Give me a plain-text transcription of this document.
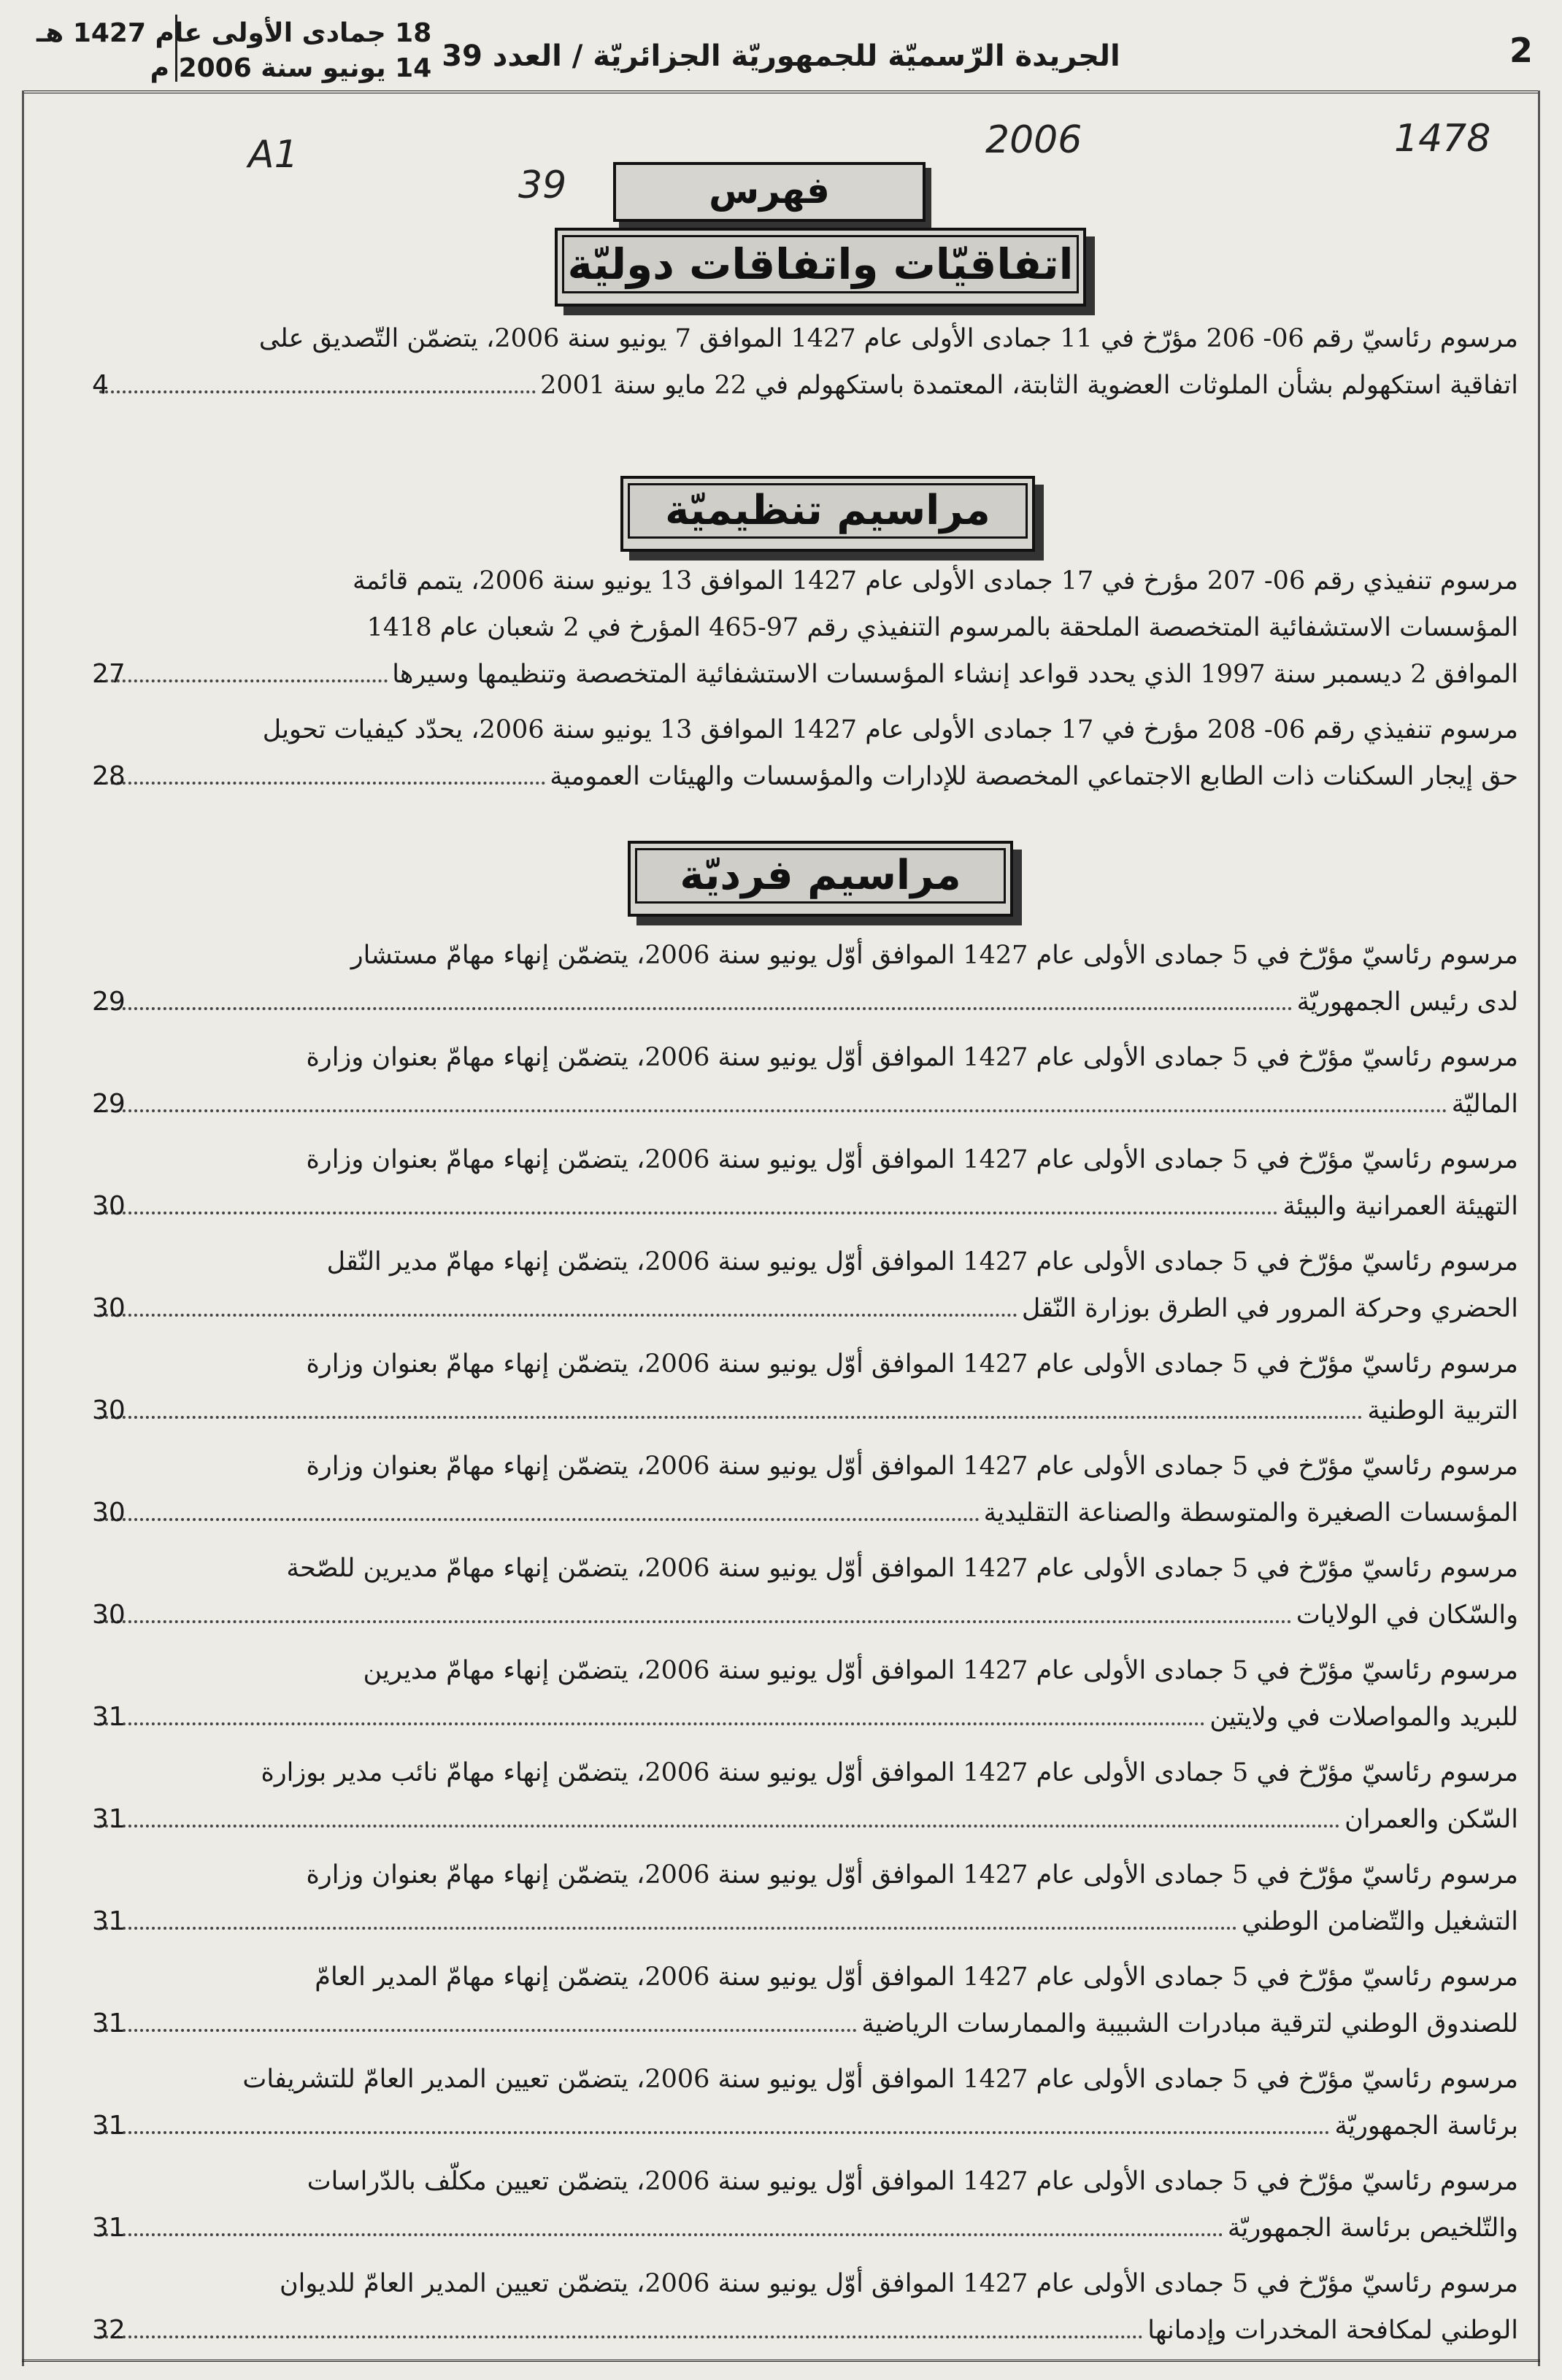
2
الجريدة الرّسميّة للجمهوريّة الجزائريّة / العدد 39
18 جمادى الأولى عام 1427 هـ
14 يونيو سنة 2006 م
A1
39
2006	1478
فهرس
اتفاقيّات واتفاقات دوليّة
مرسوم رئاسيّ رقم 06- 206 مؤرّخ في 11 جمادى الأولى عام 1427 الموافق 7 يونيو سنة 2006، يتضمّن التّصديق على
اتفاقية استكهولم بشأن الملوثات العضوية الثابتة، المعتمدة باستكهولم في 22 مايو سنة 2001
4
مراسيم تنظيميّة
مرسوم تنفيذي رقم 06- 207 مؤرخ في 17 جمادى الأولى عام 1427 الموافق 13 يونيو سنة 2006، يتمم قائمة
المؤسسات الاستشفائية المتخصصة الملحقة بالمرسوم التنفيذي رقم 97-465 المؤرخ في 2 شعبان عام 1418
الموافق 2 ديسمبر سنة 1997 الذي يحدد قواعد إنشاء المؤسسات الاستشفائية المتخصصة وتنظيمها وسيرها
27
مرسوم تنفيذي رقم 06- 208 مؤرخ في 17 جمادى الأولى عام 1427 الموافق 13 يونيو سنة 2006، يحدّد كيفيات تحويل
حق إيجار السكنات ذات الطابع الاجتماعي المخصصة للإدارات والمؤسسات والهيئات العمومية
28
مراسيم فرديّة
مرسوم رئاسيّ مؤرّخ في 5 جمادى الأولى عام 1427 الموافق أوّل يونيو سنة 2006، يتضمّن إنهاء مهامّ مستشار
لدى رئيس الجمهوريّة
29
مرسوم رئاسيّ مؤرّخ في 5 جمادى الأولى عام 1427 الموافق أوّل يونيو سنة 2006، يتضمّن إنهاء مهامّ بعنوان وزارة
الماليّة
29
مرسوم رئاسيّ مؤرّخ في 5 جمادى الأولى عام 1427 الموافق أوّل يونيو سنة 2006، يتضمّن إنهاء مهامّ بعنوان وزارة
التهيئة العمرانية والبيئة
30
مرسوم رئاسيّ مؤرّخ في 5 جمادى الأولى عام 1427 الموافق أوّل يونيو سنة 2006، يتضمّن إنهاء مهامّ مدير النّقل
الحضري وحركة المرور في الطرق بوزارة النّقل
30
مرسوم رئاسيّ مؤرّخ في 5 جمادى الأولى عام 1427 الموافق أوّل يونيو سنة 2006، يتضمّن إنهاء مهامّ بعنوان وزارة
التربية الوطنية
30
مرسوم رئاسيّ مؤرّخ في 5 جمادى الأولى عام 1427 الموافق أوّل يونيو سنة 2006، يتضمّن إنهاء مهامّ بعنوان وزارة
المؤسسات الصغيرة والمتوسطة والصناعة التقليدية
30
مرسوم رئاسيّ مؤرّخ في 5 جمادى الأولى عام 1427 الموافق أوّل يونيو سنة 2006، يتضمّن إنهاء مهامّ مديرين للصّحة
والسّكان في الولايات
30
مرسوم رئاسيّ مؤرّخ في 5 جمادى الأولى عام 1427 الموافق أوّل يونيو سنة 2006، يتضمّن إنهاء مهامّ مديرين
للبريد والمواصلات في ولايتين
31
مرسوم رئاسيّ مؤرّخ في 5 جمادى الأولى عام 1427 الموافق أوّل يونيو سنة 2006، يتضمّن إنهاء مهامّ نائب مدير بوزارة
السّكن والعمران
31
مرسوم رئاسيّ مؤرّخ في 5 جمادى الأولى عام 1427 الموافق أوّل يونيو سنة 2006، يتضمّن إنهاء مهامّ بعنوان وزارة
التشغيل والتّضامن الوطني
31
مرسوم رئاسيّ مؤرّخ في 5 جمادى الأولى عام 1427 الموافق أوّل يونيو سنة 2006، يتضمّن إنهاء مهامّ المدير العامّ
للصندوق الوطني لترقية مبادرات الشبيبة والممارسات الرياضية
31
مرسوم رئاسيّ مؤرّخ في 5 جمادى الأولى عام 1427 الموافق أوّل يونيو سنة 2006، يتضمّن تعيين المدير العامّ للتشريفات
برئاسة الجمهوريّة
31
مرسوم رئاسيّ مؤرّخ في 5 جمادى الأولى عام 1427 الموافق أوّل يونيو سنة 2006، يتضمّن تعيين مكلّف بالدّراسات
والتّلخيص برئاسة الجمهوريّة
31
مرسوم رئاسيّ مؤرّخ في 5 جمادى الأولى عام 1427 الموافق أوّل يونيو سنة 2006، يتضمّن تعيين المدير العامّ للديوان
الوطني لمكافحة المخدرات وإدمانها
32
